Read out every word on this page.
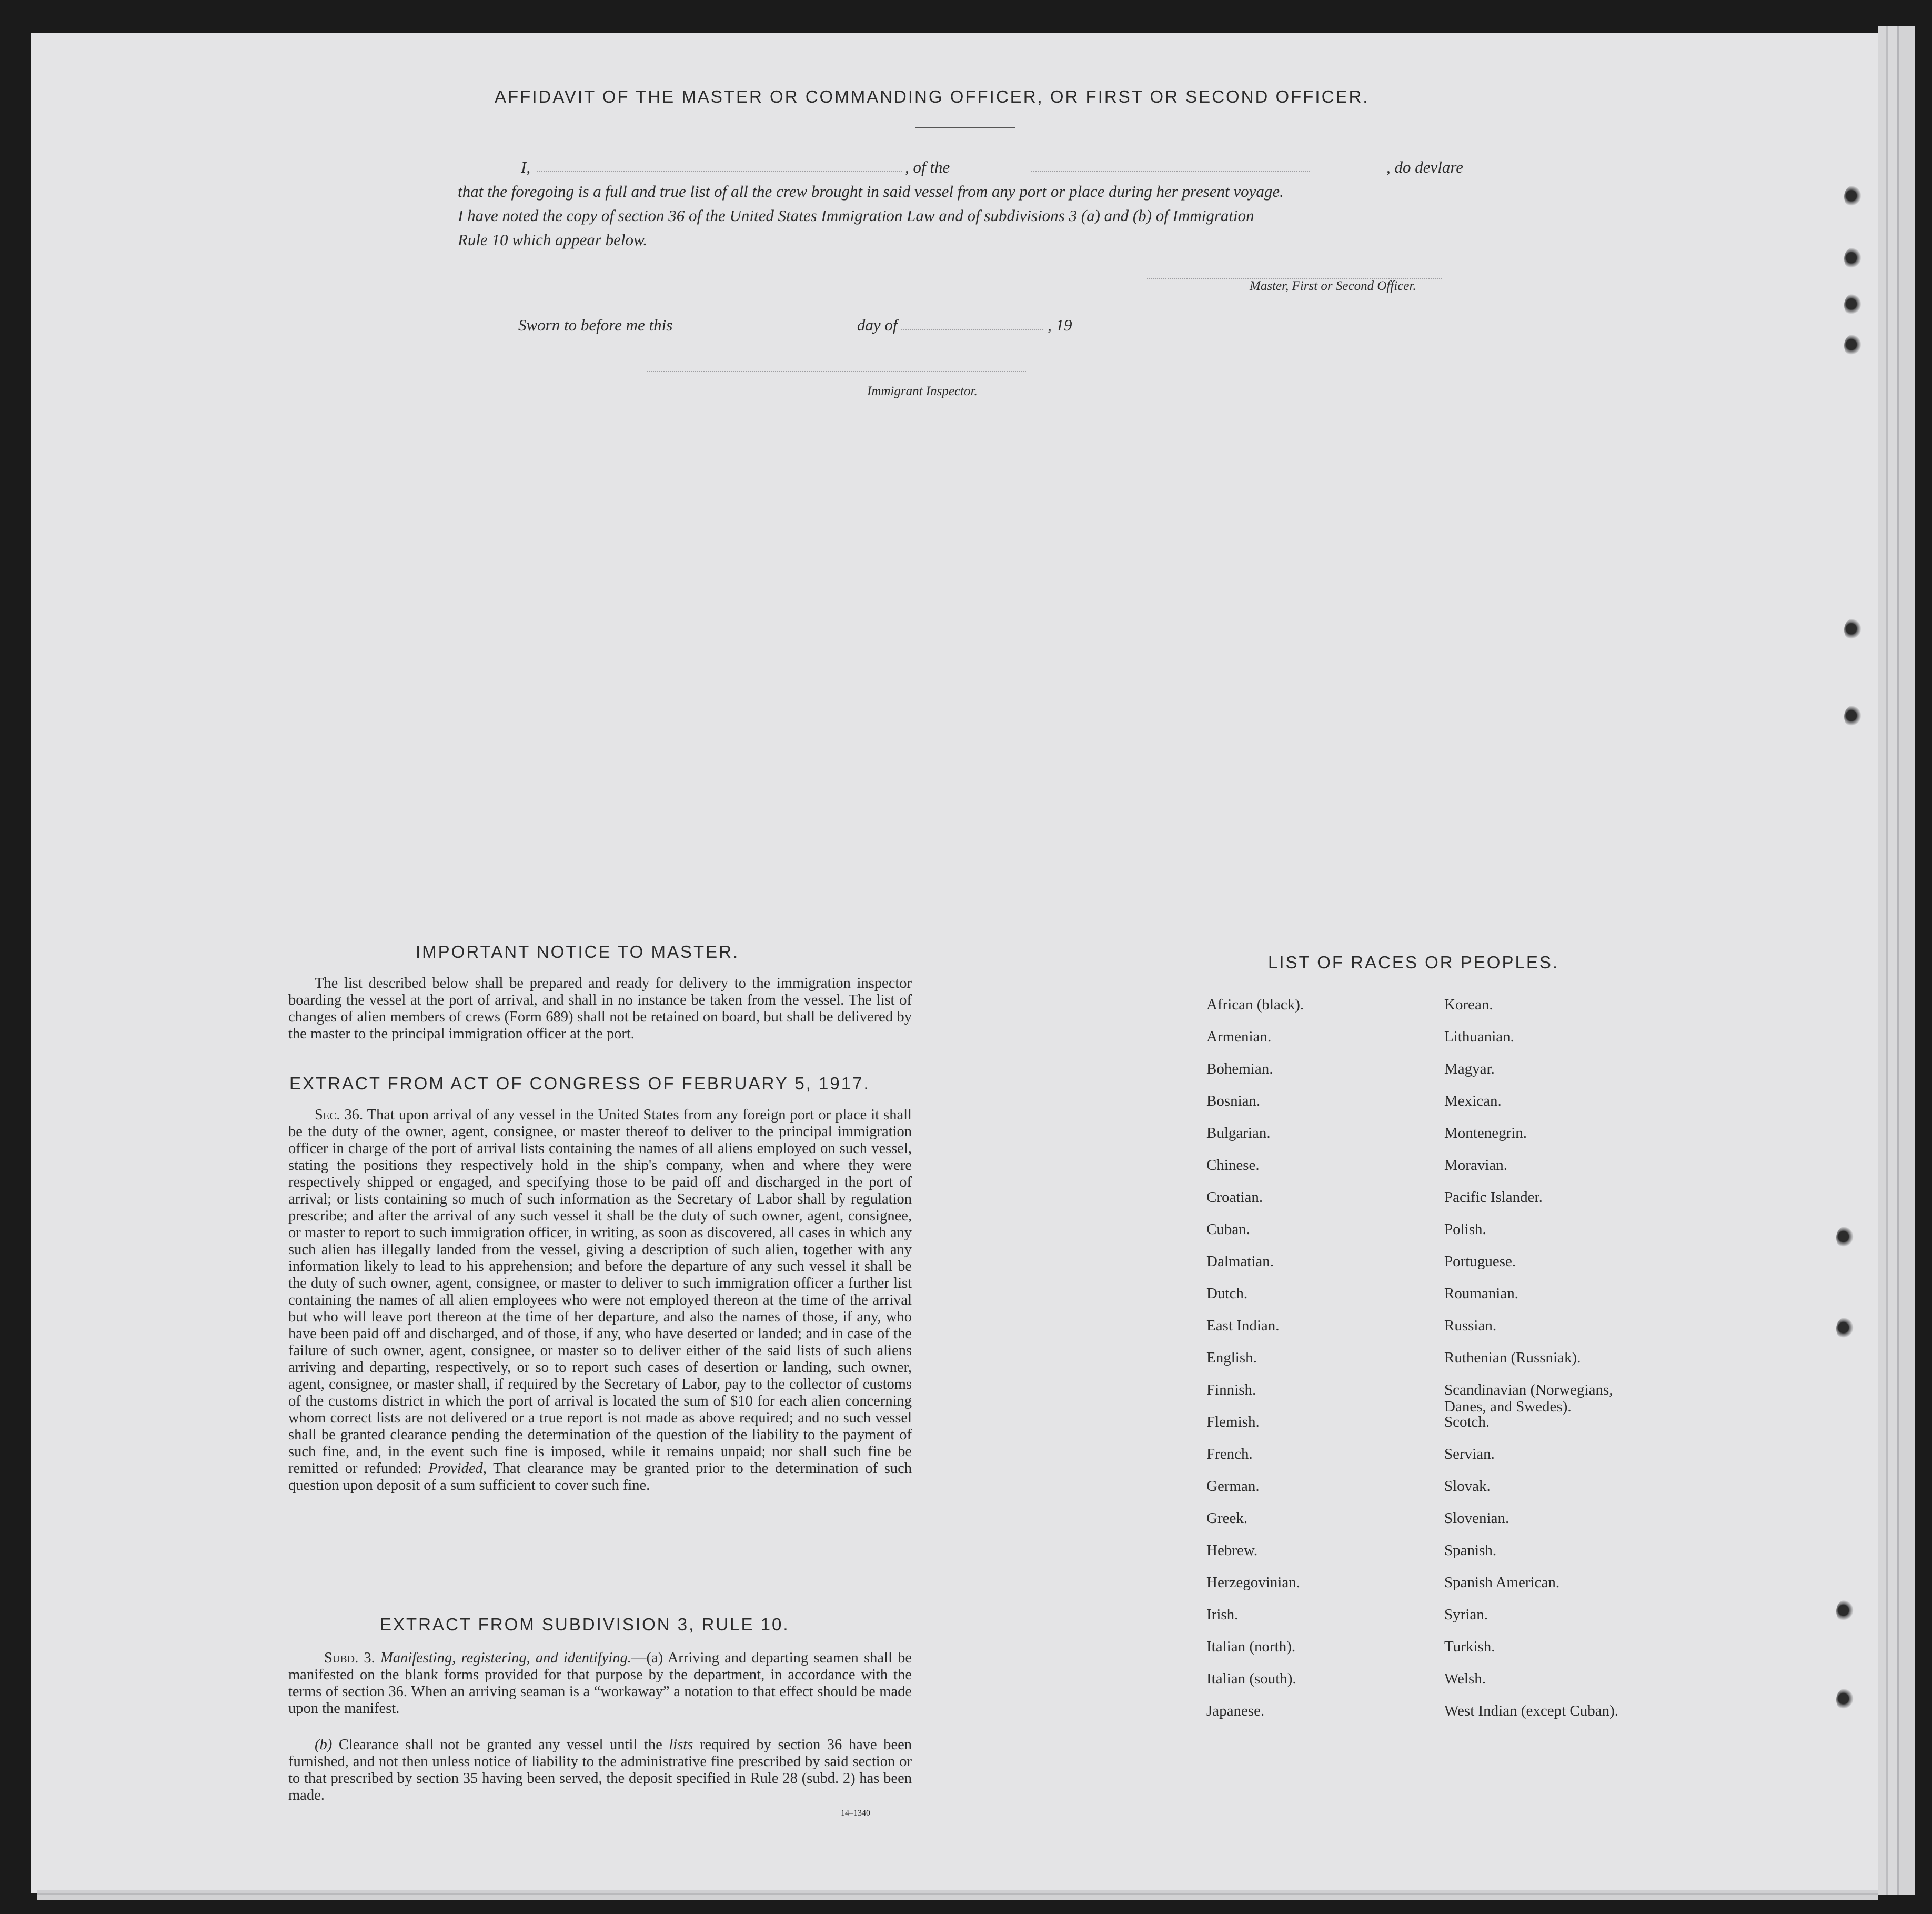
AFFIDAVIT OF THE MASTER OR COMMANDING OFFICER, OR FIRST OR SECOND OFFICER.
I,	, of the	, do devlare
that the foregoing is a full and true list of all the crew brought in said vessel from any port or place during her present voyage.
I have noted the copy of section 36 of the United States Immigration Law and of subdivisions 3 (a) and (b) of Immigration
Rule 10 which appear below.
Master, First or Second Officer.
Sworn to before me this	day of	, 19
Immigrant Inspector.
IMPORTANT NOTICE TO MASTER.
The list described below shall be prepared and ready for delivery to the immigration inspector boarding the vessel at the port of arrival, and shall in no instance be taken from the vessel. The list of changes of alien members of crews (Form 689) shall not be retained on board, but shall be delivered by the master to the principal immigration officer at the port.
EXTRACT FROM ACT OF CONGRESS OF FEBRUARY 5, 1917.
Sec. 36. That upon arrival of any vessel in the United States from any foreign port or place it shall be the duty of the owner, agent, consignee, or master thereof to deliver to the principal immigration officer in charge of the port of arrival lists containing the names of all aliens employed on such vessel, stating the positions they respectively hold in the ship's company, when and where they were respectively shipped or engaged, and specifying those to be paid off and discharged in the port of arrival; or lists containing so much of such information as the Secretary of Labor shall by regulation prescribe; and after the arrival of any such vessel it shall be the duty of such owner, agent, consignee, or master to report to such immigration officer, in writing, as soon as discovered, all cases in which any such alien has illegally landed from the vessel, giving a description of such alien, together with any information likely to lead to his apprehension; and before the departure of any such vessel it shall be the duty of such owner, agent, consignee, or master to deliver to such immigration officer a further list containing the names of all alien employees who were not employed thereon at the time of the arrival but who will leave port thereon at the time of her departure, and also the names of those, if any, who have been paid off and discharged, and of those, if any, who have deserted or landed; and in case of the failure of such owner, agent, consignee, or master so to deliver either of the said lists of such aliens arriving and departing, respectively, or so to report such cases of desertion or landing, such owner, agent, consignee, or master shall, if required by the Secretary of Labor, pay to the collector of customs of the customs district in which the port of arrival is located the sum of $10 for each alien concerning whom correct lists are not delivered or a true report is not made as above required; and no such vessel shall be granted clearance pending the determination of the question of the liability to the payment of such fine, and, in the event such fine is imposed, while it remains unpaid; nor shall such fine be remitted or refunded: Provided, That clearance may be granted prior to the determination of such question upon deposit of a sum sufficient to cover such fine.
EXTRACT FROM SUBDIVISION 3, RULE 10.
Subd. 3. Manifesting, registering, and identifying.—(a) Arriving and departing seamen shall be manifested on the blank forms provided for that purpose by the department, in accordance with the terms of section 36. When an arriving seaman is a “workaway” a notation to that effect should be made upon the manifest.
(b) Clearance shall not be granted any vessel until the lists required by section 36 have been furnished, and not then unless notice of liability to the administrative fine prescribed by said section or to that prescribed by section 35 having been served, the deposit specified in Rule 28 (subd. 2) has been made.
14–1340
LIST OF RACES OR PEOPLES.
African (black).
Armenian.
Bohemian.
Bosnian.
Bulgarian.
Chinese.
Croatian.
Cuban.
Dalmatian.
Dutch.
East Indian.
English.
Finnish.
Flemish.
French.
German.
Greek.
Hebrew.
Herzegovinian.
Irish.
Italian (north).
Italian (south).
Japanese.
Korean.
Lithuanian.
Magyar.
Mexican.
Montenegrin.
Moravian.
Pacific Islander.
Polish.
Portuguese.
Roumanian.
Russian.
Ruthenian (Russniak).
Scandinavian (Norwegians,
Danes, and Swedes).
Scotch.
Servian.
Slovak.
Slovenian.
Spanish.
Spanish American.
Syrian.
Turkish.
Welsh.
West Indian (except Cuban).
